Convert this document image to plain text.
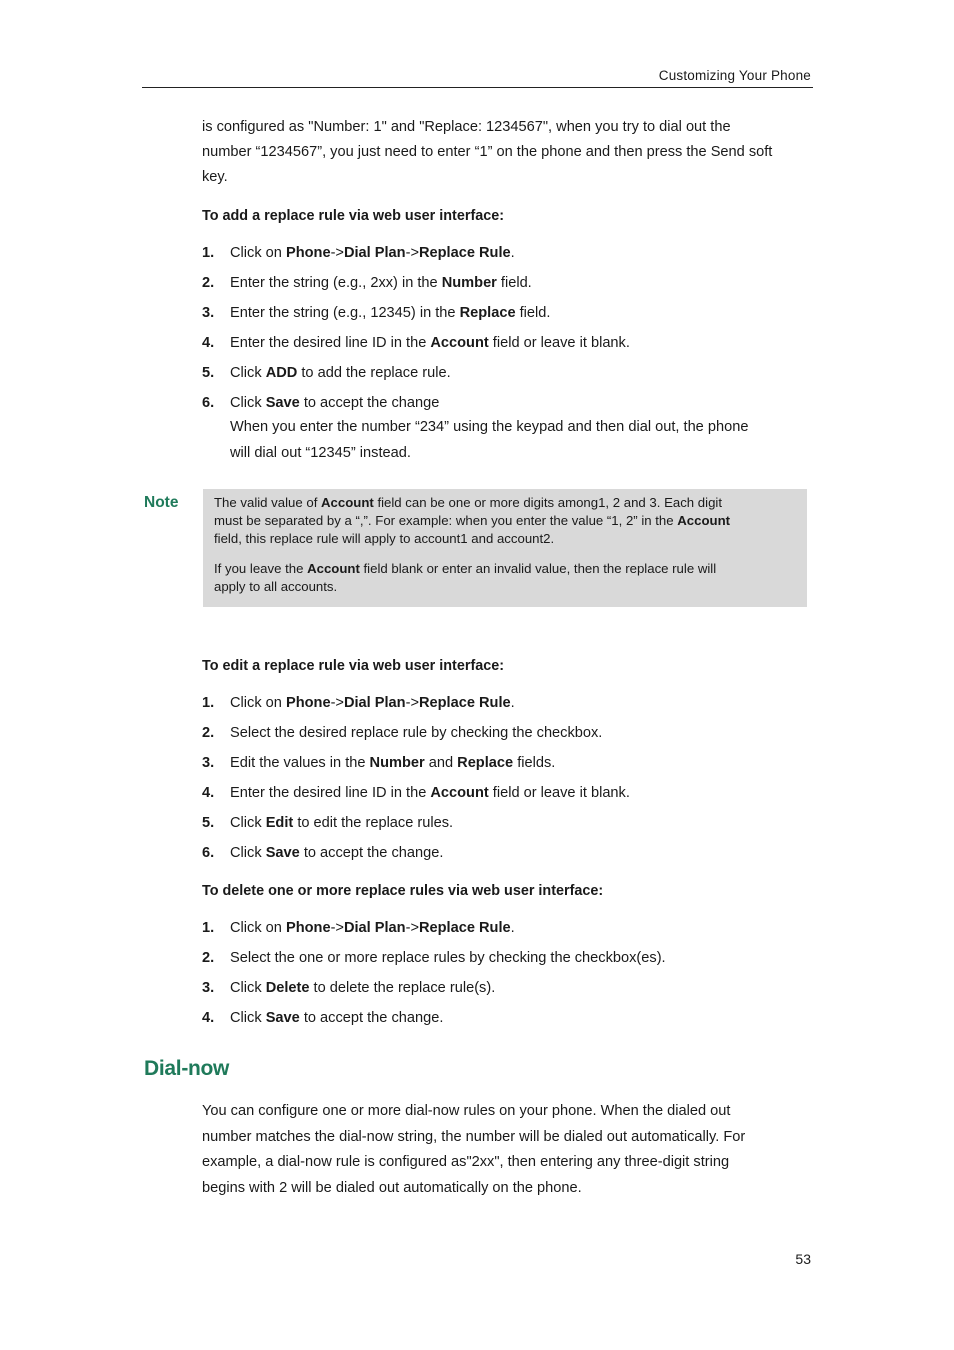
Customizing Your Phone
is configured as "Number: 1" and "Replace: 1234567", when you try to dial out the
number “1234567”, you just need to enter “1” on the phone and then press the Send soft
key.
To add a replace rule via web user interface:
1. Click on Phone->Dial Plan->Replace Rule.
2. Enter the string (e.g., 2xx) in the Number field.
3. Enter the string (e.g., 12345) in the Replace field.
4. Enter the desired line ID in the Account field or leave it blank.
5. Click ADD to add the replace rule.
6. Click Save to accept the change
When you enter the number “234” using the keypad and then dial out, the phone
will dial out “12345” instead.
Note	The valid value of Account field can be one or more digits among1, 2 and 3. Each digit
must be separated by a “,”. For example: when you enter the value “1, 2” in the Account
field, this replace rule will apply to account1 and account2.
If you leave the Account field blank or enter an invalid value, then the replace rule will
apply to all accounts.
To edit a replace rule via web user interface:
1. Click on Phone->Dial Plan->Replace Rule.
2. Select the desired replace rule by checking the checkbox.
3. Edit the values in the Number and Replace fields.
4. Enter the desired line ID in the Account field or leave it blank.
5. Click Edit to edit the replace rules.
6. Click Save to accept the change.
To delete one or more replace rules via web user interface:
1. Click on Phone->Dial Plan->Replace Rule.
2. Select the one or more replace rules by checking the checkbox(es).
3. Click Delete to delete the replace rule(s).
4. Click Save to accept the change.
Dial-now
You can configure one or more dial-now rules on your phone. When the dialed out
number matches the dial-now string, the number will be dialed out automatically. For
example, a dial-now rule is configured as"2xx", then entering any three-digit string
begins with 2 will be dialed out automatically on the phone.
53
